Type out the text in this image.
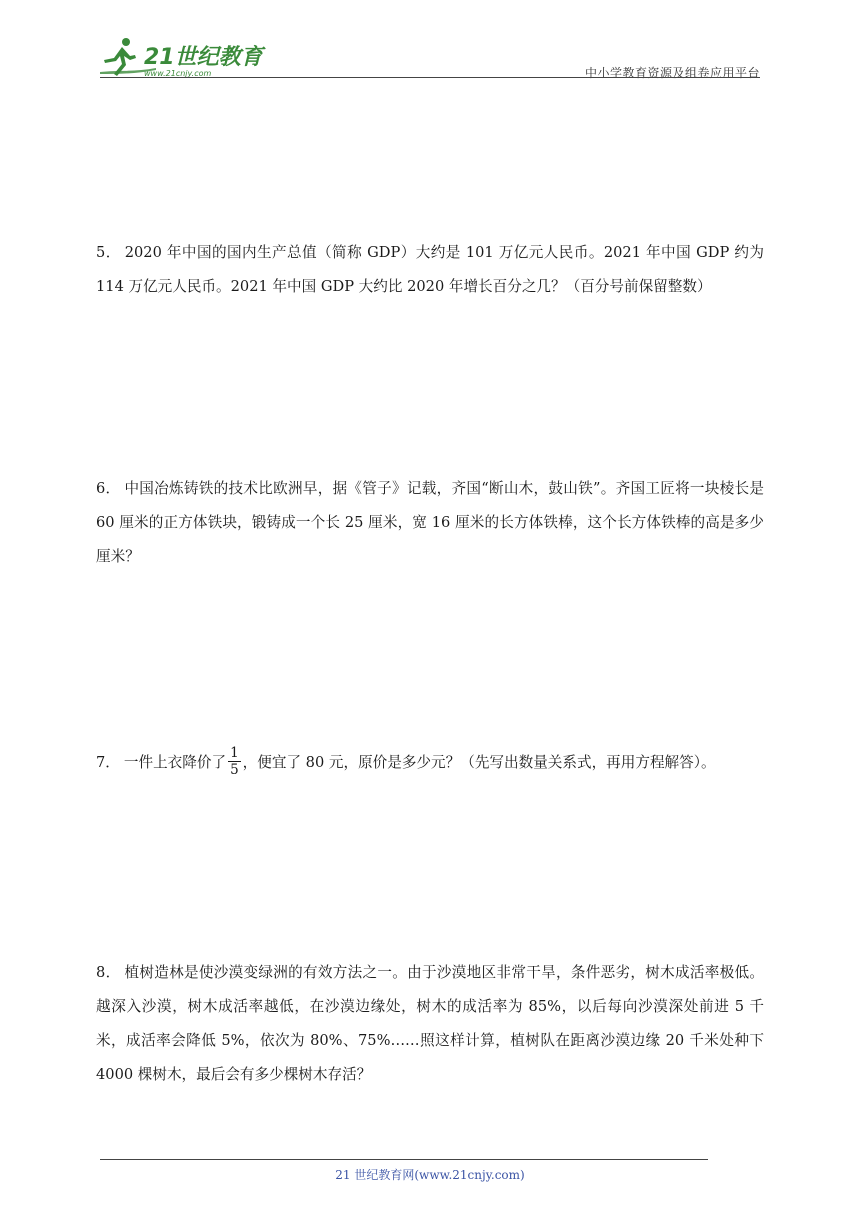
21世纪教育
www.21cnjy.com	中小学教育资源及组卷应用平台
5． 2020 年中国的国内生产总值（简称 GDP）大约是 101 万亿元人民币。2021 年中国 GDP 约为 114 万亿元人民币。2021 年中国 GDP 大约比 2020 年增长百分之几？（百分号前保留整数）
6． 中国冶炼铸铁的技术比欧洲早，据《管子》记载，齐国“断山木，鼓山铁”。齐国工匠将一块棱长是 60 厘米的正方体铁块，锻铸成一个长 25 厘米，宽 16 厘米的长方体铁棒，这个长方体铁棒的高是多少厘米？
7． 一件上衣降价了 $\frac{1}{5}$ ，便宜了 80 元，原价是多少元？（先写出数量关系式，再用方程解答）。
8． 植树造林是使沙漠变绿洲的有效方法之一。由于沙漠地区非常干旱，条件恶劣，树木成活率极低。越深入沙漠，树木成活率越低，在沙漠边缘处，树木的成活率为 85%，以后每向沙漠深处前进 5 千米，成活率会降低 5%，依次为 80%、75%……照这样计算，植树队在距离沙漠边缘 20 千米处种下 4000 棵树木，最后会有多少棵树木存活？
21 世纪教育网(www.21cnjy.com)
